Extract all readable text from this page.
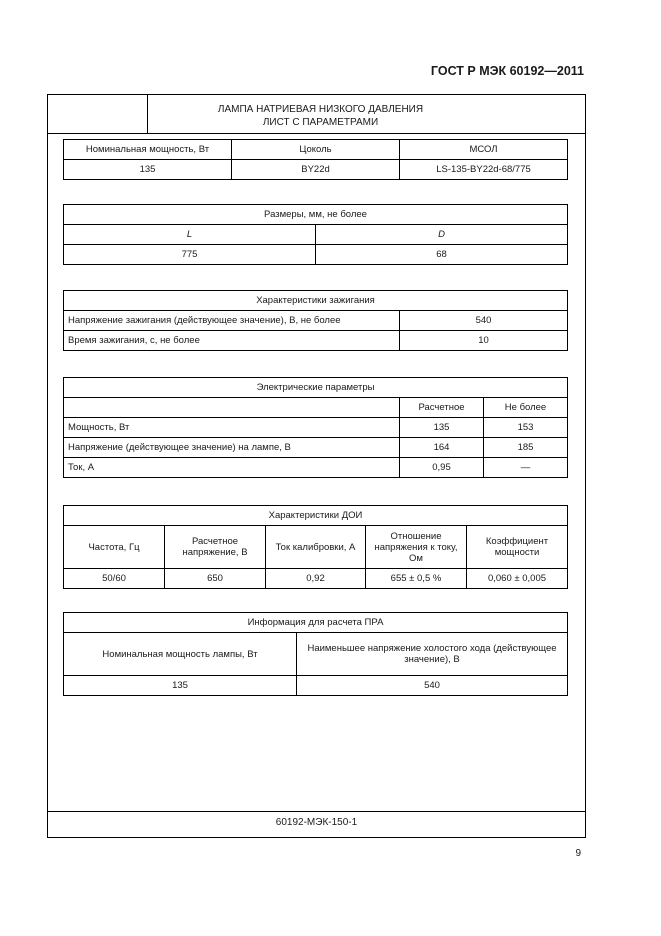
ГОСТ Р МЭК 60192—2011
ЛАМПА НАТРИЕВАЯ НИЗКОГО ДАВЛЕНИЯ
ЛИСТ С ПАРАМЕТРАМИ
60192-МЭК-150-1
Номинальная мощность, Вт	Цоколь	МСОЛ
135	BY22d	LS-135-BY22d-68/775
Размеры, мм, не более	
L	D
775	68
Характеристики зажигания	
Напряжение зажигания (действующее значение), В, не более	540
Время зажигания, с, не более	10
Электрические параметры		
	Расчетное	Не более
Мощность, Вт	135	153
Напряжение (действующее значение) на лампе, В	164	185
Ток, А	0,95	—
Характеристики ДОИ				
Частота, Гц	Расчетное напряжение, В	Ток калибровки, А	Отношение напряжения к току, Ом	Коэффициент мощности
50/60	650	0,92	655 ± 0,5 %	0,060 ± 0,005
Информация для расчета ПРА	
Номинальная мощность лампы, Вт	Наименьшее напряжение холостого хода (действующее значение), В
135	540
9
